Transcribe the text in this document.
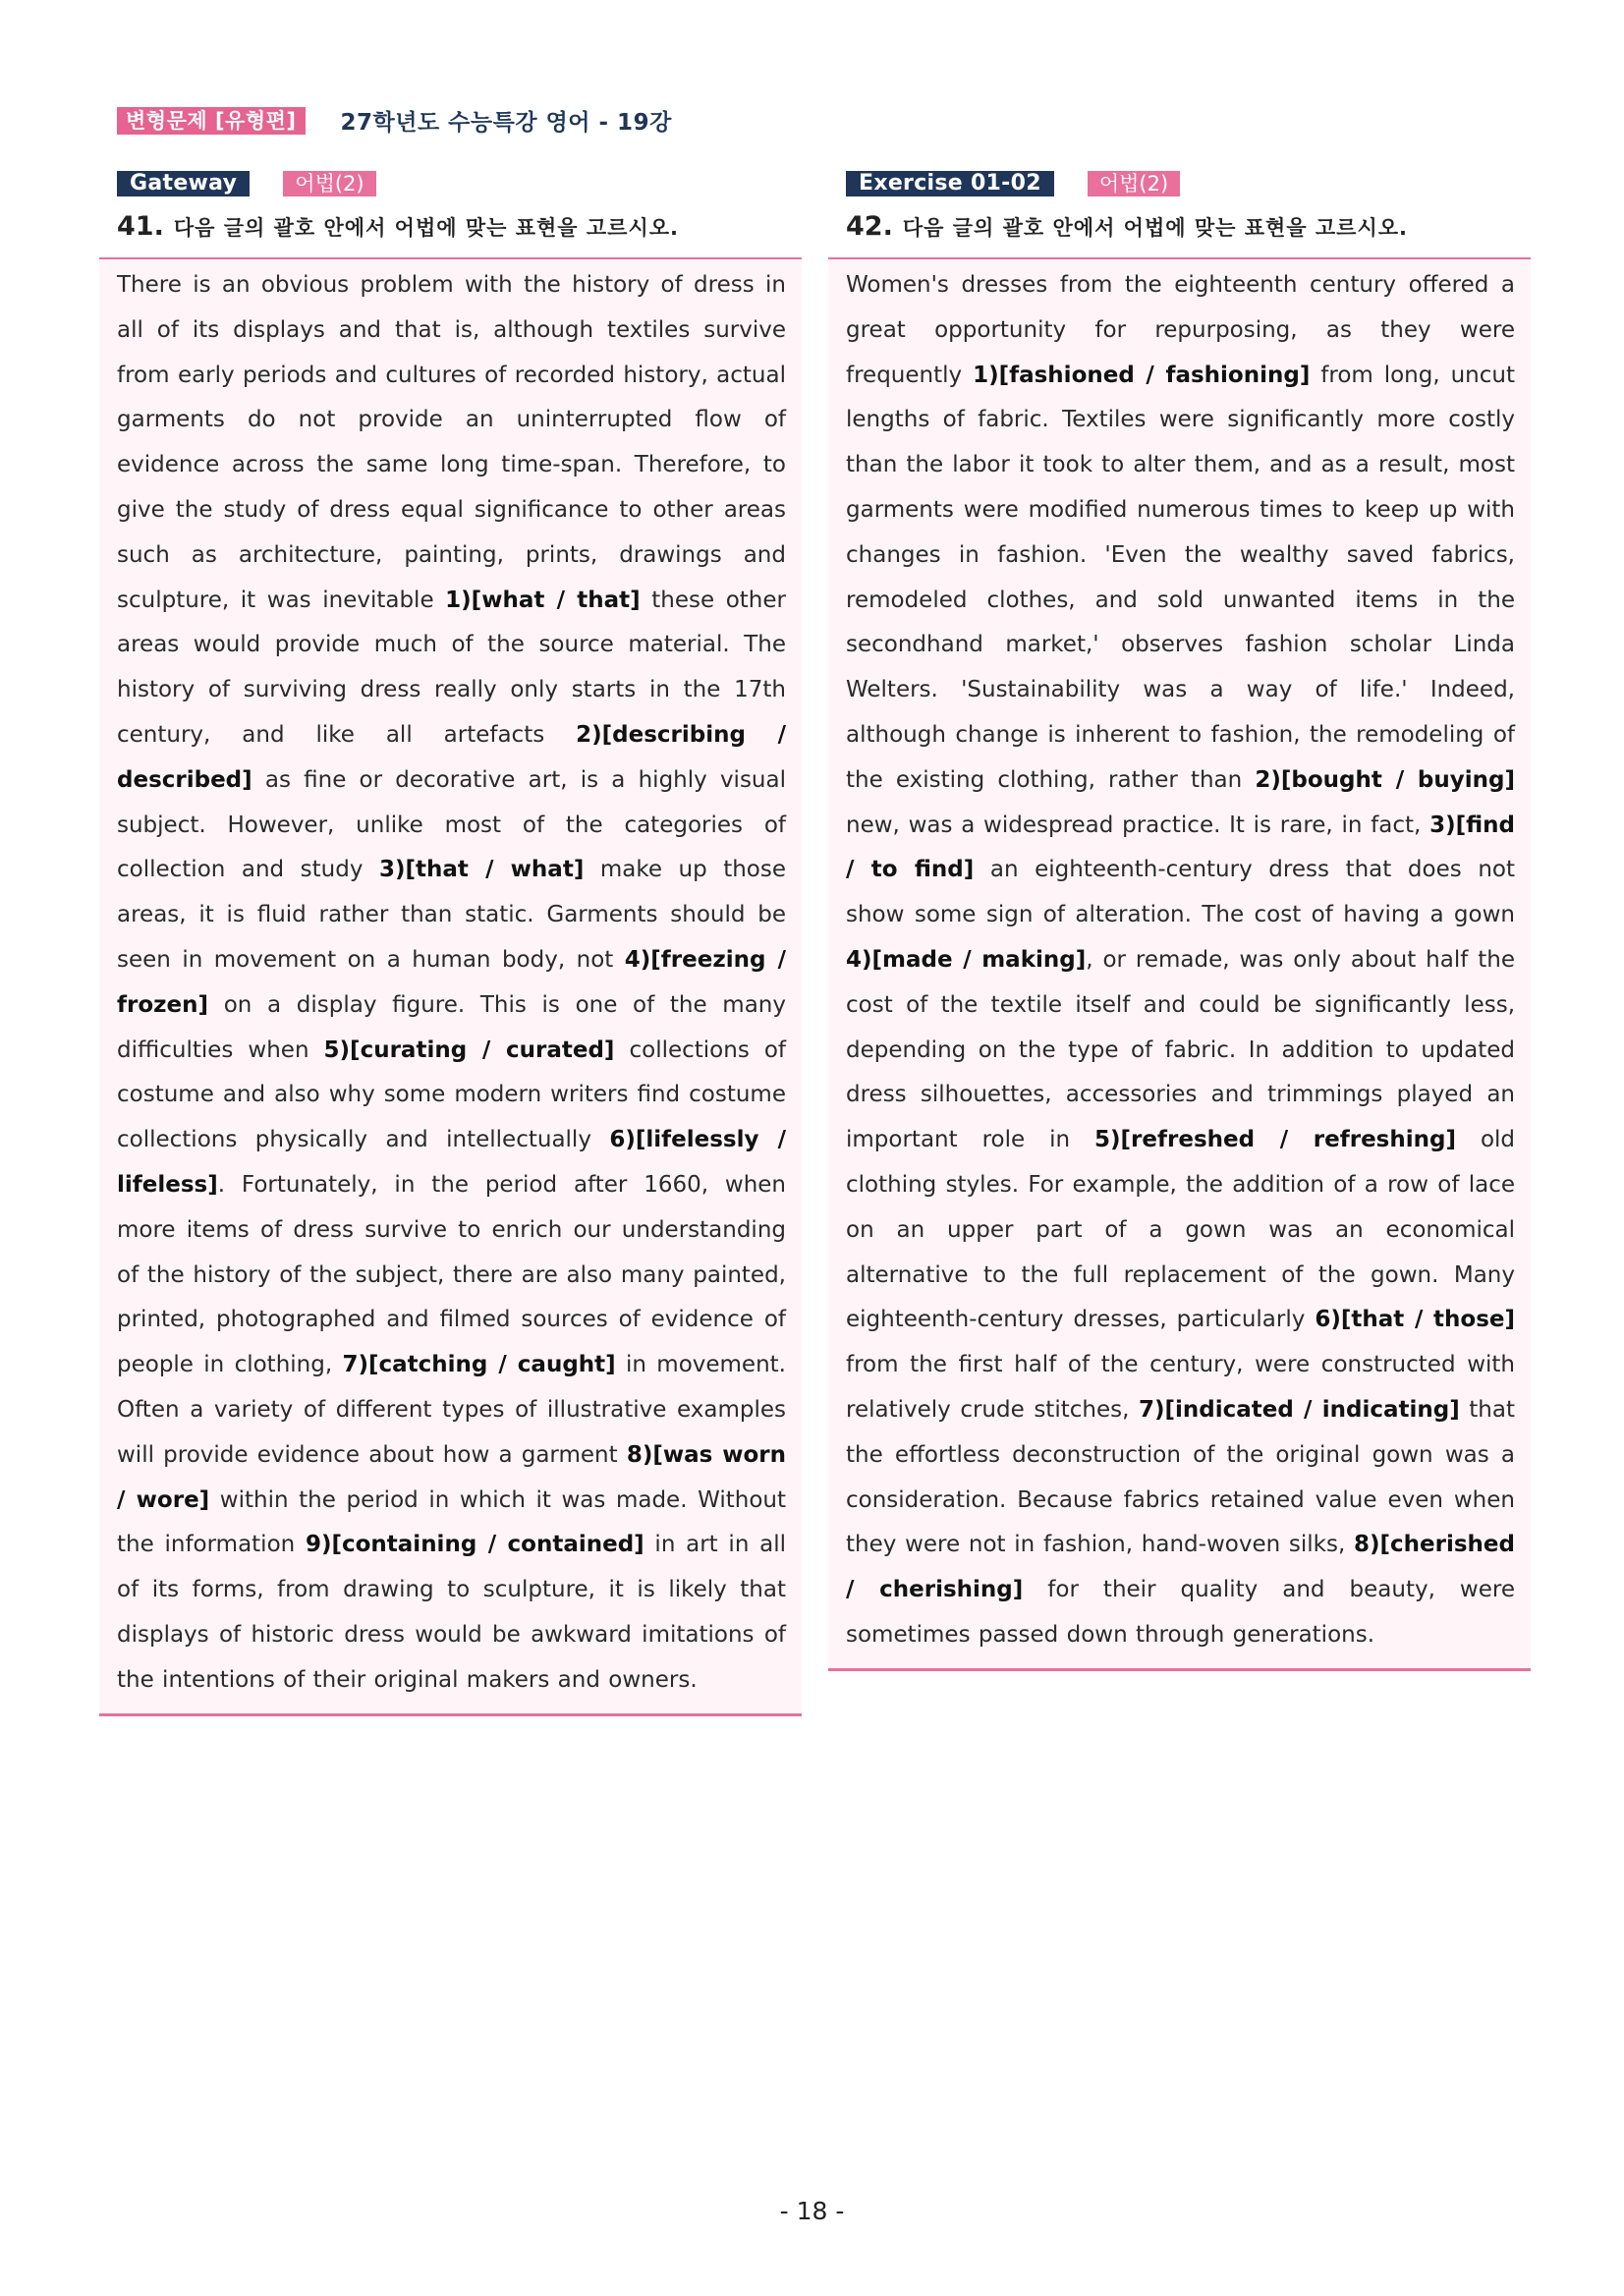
변형문제 [유형편]	27학년도 수능특강 영어 - 19강
Gateway	어법(2)
41. 다음 글의 괄호 안에서 어법에 맞는 표현을 고르시오.

There is an obvious problem with the history of dress in all of its displays and that is, although textiles survive from early periods and cultures of recorded history, actual garments do not provide an uninterrupted flow of evidence across the same long time-span. Therefore, to give the study of dress equal significance to other areas such as architecture, painting, prints, drawings and sculpture, it was inevitable 1)[what / that] these other areas would provide much of the source material. The history of surviving dress really only starts in the 17th century, and like all artefacts 2)[describing / described] as fine or decorative art, is a highly visual subject. However, unlike most of the categories of collection and study 3)[that / what] make up those areas, it is fluid rather than static. Garments should be seen in movement on a human body, not 4)[freezing / frozen] on a display figure. This is one of the many difficulties when 5)[curating / curated] collections of costume and also why some modern writers find costume collections physically and intellectually 6)[lifelessly / lifeless]. Fortunately, in the period after 1660, when more items of dress survive to enrich our understanding of the history of the subject, there are also many painted, printed, photographed and filmed sources of evidence of people in clothing, 7)[catching / caught] in movement. Often a variety of different types of illustrative examples will provide evidence about how a garment 8)[was worn / wore] within the period in which it was made. Without the information 9)[containing / contained] in art in all of its forms, from drawing to sculpture, it is likely that displays of historic dress would be awkward imitations of the intentions of their original makers and owners.

Exercise 01-02	어법(2)
42. 다음 글의 괄호 안에서 어법에 맞는 표현을 고르시오.

Women's dresses from the eighteenth century offered a great opportunity for repurposing, as they were frequently 1)[fashioned / fashioning] from long, uncut lengths of fabric. Textiles were significantly more costly than the labor it took to alter them, and as a result, most garments were modified numerous times to keep up with changes in fashion. 'Even the wealthy saved fabrics, remodeled clothes, and sold unwanted items in the secondhand market,' observes fashion scholar Linda Welters. 'Sustainability was a way of life.' Indeed, although change is inherent to fashion, the remodeling of the existing clothing, rather than 2)[bought / buying] new, was a widespread practice. It is rare, in fact, 3)[find / to find] an eighteenth-century dress that does not show some sign of alteration. The cost of having a gown 4)[made / making], or remade, was only about half the cost of the textile itself and could be significantly less, depending on the type of fabric. In addition to updated dress silhouettes, accessories and trimmings played an important role in 5)[refreshed / refreshing] old clothing styles. For example, the addition of a row of lace on an upper part of a gown was an economical alternative to the full replacement of the gown. Many eighteenth-century dresses, particularly 6)[that / those] from the first half of the century, were constructed with relatively crude stitches, 7)[indicated / indicating] that the effortless deconstruction of the original gown was a consideration. Because fabrics retained value even when they were not in fashion, hand-woven silks, 8)[cherished / cherishing] for their quality and beauty, were sometimes passed down through generations.

- 18 -
